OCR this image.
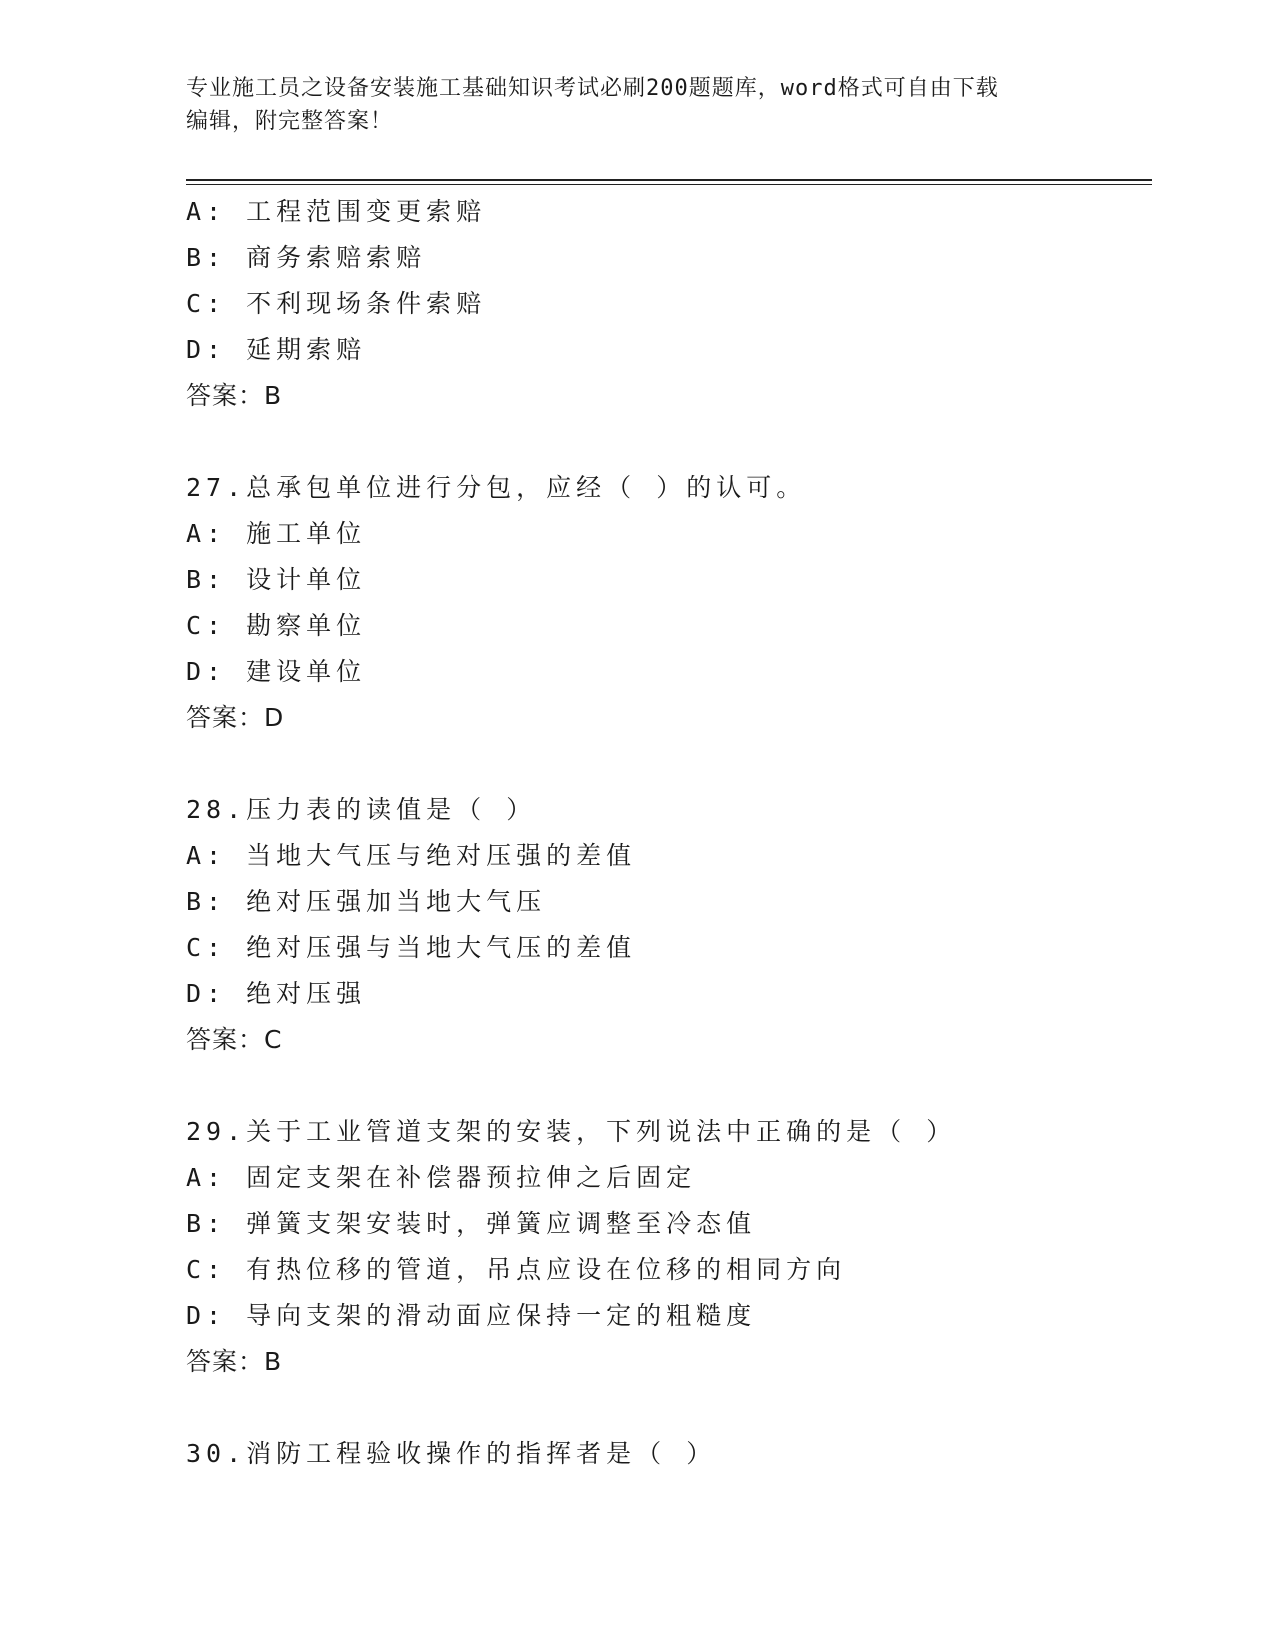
专业施工员之设备安装施工基础知识考试必刷200题题库，word格式可自由下载
编辑，附完整答案！
A: 工程范围变更索赔
B: 商务索赔索赔
C: 不利现场条件索赔
D: 延期索赔
答案：B
27.总承包单位进行分包，应经（ ）的认可。
A: 施工单位
B: 设计单位
C: 勘察单位
D: 建设单位
答案：D
28.压力表的读值是（ ）
A: 当地大气压与绝对压强的差值
B: 绝对压强加当地大气压
C: 绝对压强与当地大气压的差值
D: 绝对压强
答案：C
29.关于工业管道支架的安装，下列说法中正确的是（ ）
A: 固定支架在补偿器预拉伸之后固定
B: 弹簧支架安装时，弹簧应调整至冷态值
C: 有热位移的管道，吊点应设在位移的相同方向
D: 导向支架的滑动面应保持一定的粗糙度
答案：B
30.消防工程验收操作的指挥者是（ ）
